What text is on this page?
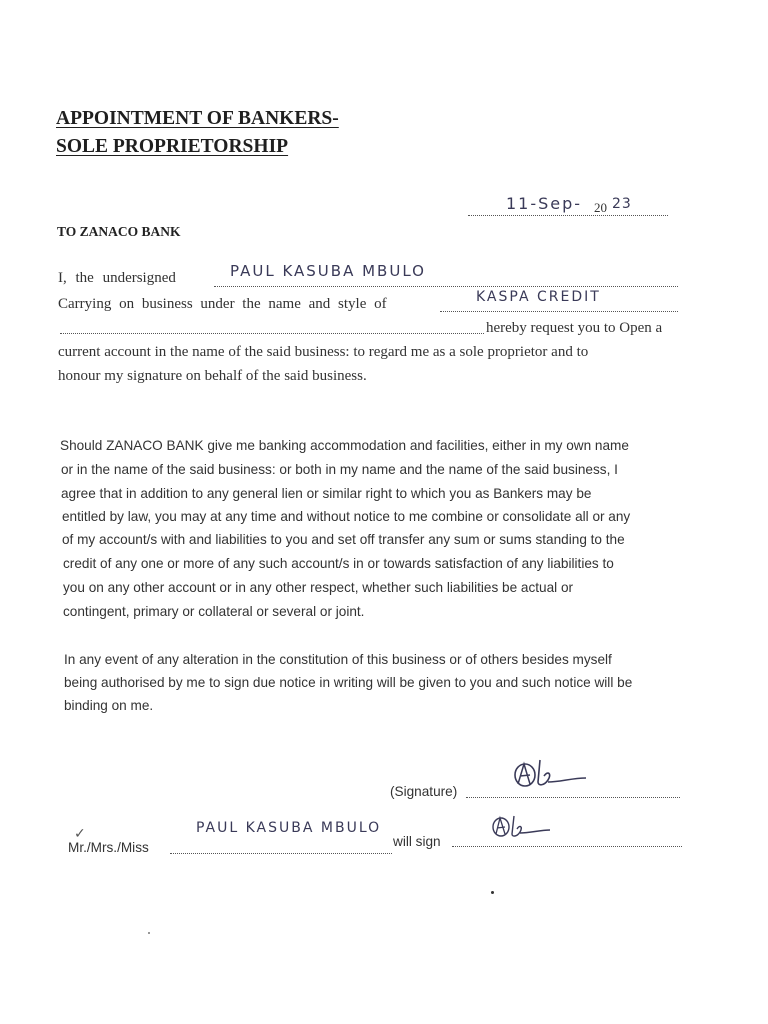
APPOINTMENT OF BANKERS-
SOLE PROPRIETORSHIP
11-Sep- 20 23
TO ZANACO BANK
I, the undersigned	PAUL KASUBA MBULO
Carrying on business under the name and style of	KASPA CREDIT
hereby request you to Open a
current account in the name of the said business: to regard me as a sole proprietor and to
honour my signature on behalf of the said business.
Should ZANACO BANK give me banking accommodation and facilities, either in my own name
or in the name of the said business: or both in my name and the name of the said business, I
agree that in addition to any general lien or similar right to which you as Bankers may be
entitled by law, you may at any time and without notice to me combine or consolidate all or any
of my account/s with and liabilities to you and set off transfer any sum or sums standing to the
credit of any one or more of any such account/s in or towards satisfaction of any liabilities to
you on any other account or in any other respect, whether such liabilities be actual or
contingent, primary or collateral or several or joint.
In any event of any alteration in the constitution of this business or of others besides myself
being authorised by me to sign due notice in writing will be given to you and such notice will be
binding on me.
(Signature)
✓
Mr./Mrs./Miss
PAUL KASUBA MBULO
will sign
